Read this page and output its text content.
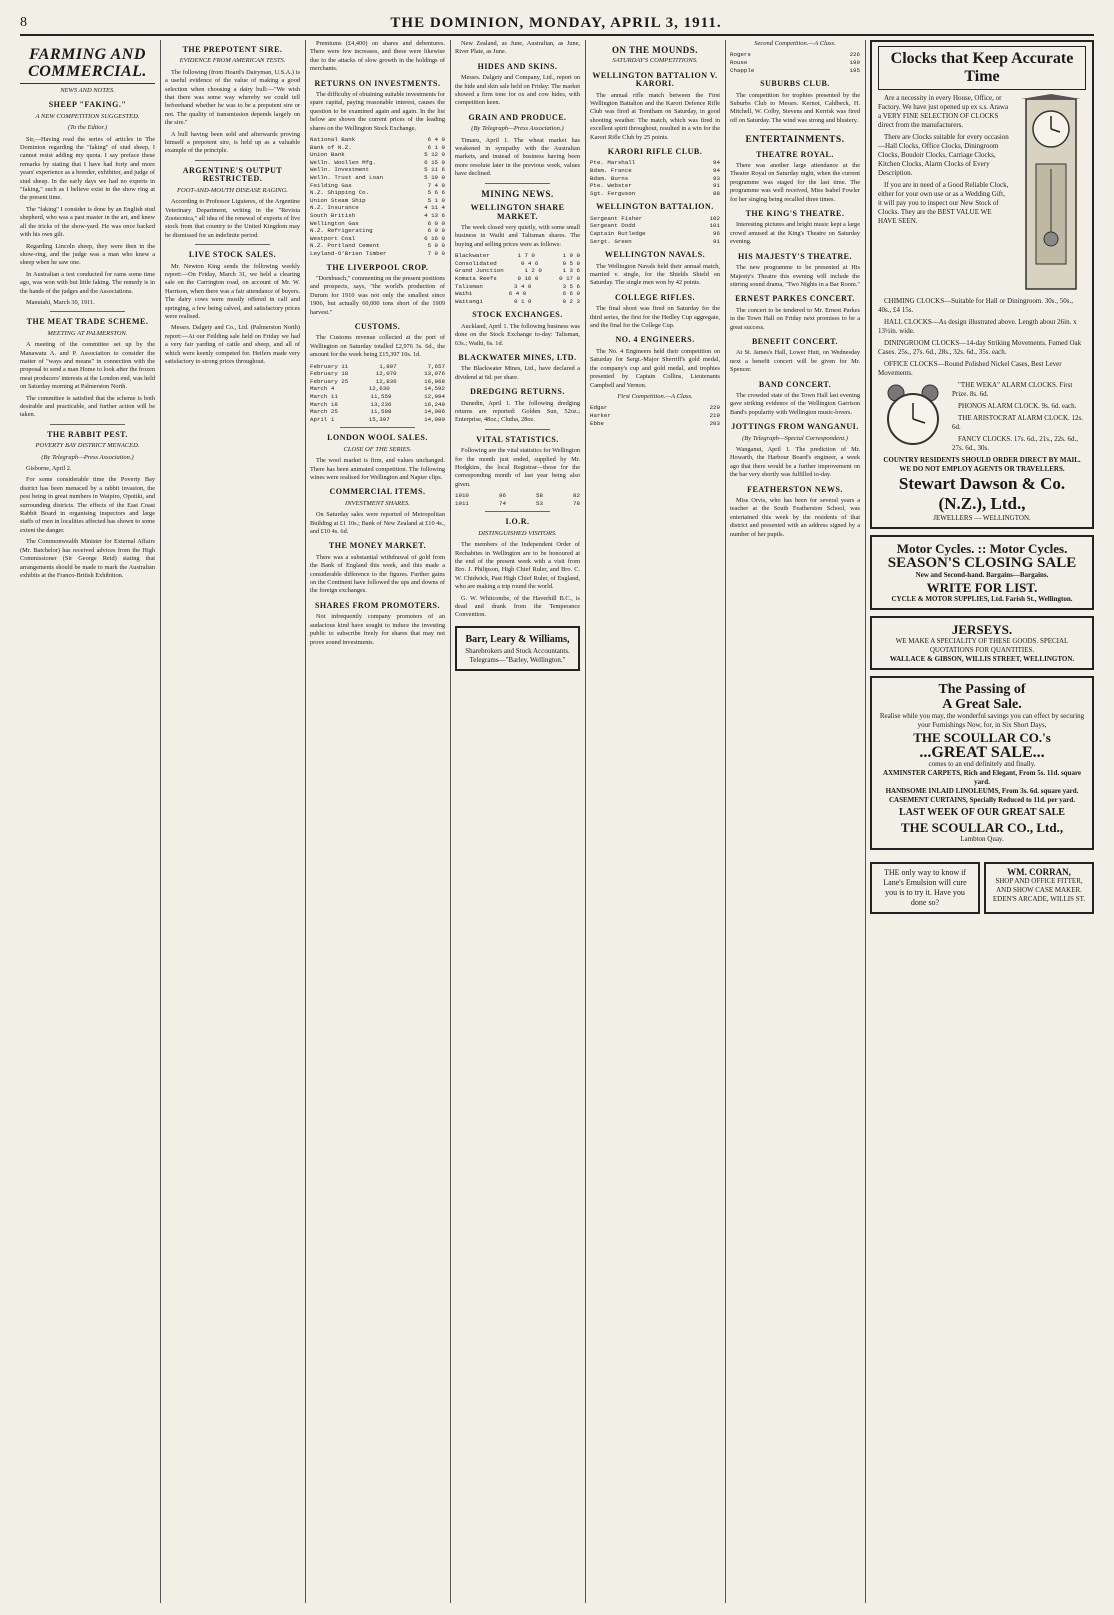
8	THE DOMINION, MONDAY, APRIL 3, 1911.
FARMING AND COMMERCIAL.
NEWS AND NOTES.
SHEEP "FAKING."
A NEW COMPETITION SUGGESTED.
(To the Editor.)

Sir,—Having read the series of articles in The Dominion regarding the "faking" of stud sheep, I cannot resist adding my quota. I say preface these remarks by stating that I have had forty and more years' experience as a breeder, exhibitor, and judge of stud sheep. In the early days we had no experts in "faking," such as I believe exist in the show ring at the present time.

The "faking" I consider is done by an English stud shepherd, who was a past master in the art, and knew all the tricks of the show-yard. He was once backed with his own gilt.

Regarding Lincoln sheep, they were then in the show-ring, and the judge was a man who knew a sheep when he saw one.

In Australian a test conducted for rams some time ago, was won with but little faking. The remedy is in the hands of the judges and the Associations.

Manutahi, March 30, 1911.

THE MEAT TRADE SCHEME.
MEETING AT PALMERSTON.

A meeting of the committee set up by the Manawatu A. and P. Association to consider the matter of "ways and means" in connection with the proposal to send a man Home to look after the frozen meat producers' interests at the London end, was held on Saturday morning at Palmerston North.

The committee is satisfied that the scheme is both desirable and practicable, and further action will be taken.

THE RABBIT PEST.
POVERTY BAY DISTRICT MENACED.
(By Telegraph—Press Association.)

Gisborne, April 2.

For some considerable time the Poverty Bay district has been menaced by a rabbit invasion, the pest being in great numbers in Waipiro, Opotiki, and surrounding districts. The effects of the East Coast Rabbit Board in organising inspectors and large staffs of men in localities affected has shown to some extent the danger.

The Commonwealth Minister for External Affairs (Mr. Batchelor) has received advices from the High Commissioner (Sir George Reid) stating that arrangements should be made to mark the Australian exhibits at the Franco-British Exhibition.

THE PREPOTENT SIRE.
EVIDENCE FROM AMERICAN TESTS.

The following (from Hoard's Dairyman, U.S.A.) is a useful evidence of the value of making a good selection when choosing a dairy bull:—"We wish that there was some way whereby we could tell beforehand whether he was to be a prepotent sire or not. The quality of transmission depends largely on the sire."

A bull having been sold and afterwards proving himself a prepotent sire, is held up as a valuable example of the principle.

ARGENTINE'S OUTPUT RESTRICTED.
FOOT-AND-MOUTH DISEASE RAGING.

According to Professor Liguieres, of the Argentine Veterinary Department, writing in the "Revista Zootecnica," all idea of the renewal of exports of live stock from that country to the United Kingdom may be dismissed for an indefinite period.

LIVE STOCK SALES.

Mr. Newton King sends the following weekly report:—On Friday, March 31, we held a clearing sale on the Carrington road, on account of Mr. W. Harrison, when there was a fair attendance of buyers. The dairy cows were mostly offered in calf and springing, a few being calved, and satisfactory prices were realised.

Messrs. Dalgety and Co., Ltd. (Palmerston North) report:—At our Feilding sale held on Friday we had a very fair yarding of cattle and sheep, and all of which were keenly competed for. Heifers made very satisfactory to strong prices throughout.

Premiums (£4,400) on shares and debentures. There were few increases, and these were likewise due to the attacks of slow growth in the holdings of merchants.

RETURNS ON INVESTMENTS.

The difficulty of obtaining suitable investments for spare capital, paying reasonable interest, causes the question to be examined again and again. In the list below are shown the current prices of the leading shares on the Wellington Stock Exchange.

National Bank	6 4 0
Bank of N.Z.	6 1 0
Union Bank	5 12 0
Welln. Woollen Mfg.	6 15 0
Welln. Investment	5 11 6
Welln. Trust and Loan	5 19 0
Feilding Gas	7 4 0
N.Z. Shipping Co.	5 6 6
Union Steam Ship	5 1 0
N.Z. Insurance	4 11 4
South British	4 13 6
Wellington Gas	6 0 0
N.Z. Refrigerating	6 0 0
Westport Coal	6 16 0
N.Z. Portland Cement	5 0 0
Leyland-O'Brien Timber	7 0 0
THE LIVERPOOL CROP.

"Dornbusch," commenting on the present positions and prospects, says, "the world's production of Durum for 1910 was not only the smallest since 1906, but actually 60,000 tons short of the 1909 harvest."

CUSTOMS.

The Customs revenue collected at the port of Wellington on Saturday totalled £2,976 3s. 6d., the amount for the week being £15,397 10s. 1d.

February 11	1,897	7,657
February 18	12,070	13,076
February 25	12,836	16,968
March 4	12,630	14,592
March 11	11,559	12,994
March 18	13,236	16,249
March 25	11,508	14,006
April 1	15,397	14,090
LONDON WOOL SALES.
CLOSE OF THE SERIES.

The wool market is firm, and values unchanged. There has been animated competition. The following wines were realised for Wellington and Napier clips.

COMMERCIAL ITEMS.
INVESTMENT SHARES.

On Saturday sales were reported of Metropolitan Building at £1 10s.; Bank of New Zealand at £10 4s., and £10 4s. 6d.

THE MONEY MARKET.

There was a substantial withdrawal of gold from the Bank of England this week, and this made a considerable difference to the figures. Further gains on the Continent have followed the ups and downs of the foreign exchanges.

SHARES FROM PROMOTERS.

Not infrequently company promoters of an audacious kind have sought to induce the investing public to subscribe freely for shares that may not prove sound investments.

New Zealand, as June, Australian, as June, River Plate, as June.

HIDES AND SKINS.

Messrs. Dalgety and Company, Ltd., report on the hide and skin sale held on Friday: The market showed a firm tone for ox and cow hides, with competition keen.

GRAIN AND PRODUCE.
(By Telegraph—Press Association.)

Timaru, April 1. The wheat market has weakened in sympathy with the Australian markets, and instead of business having been more resolute later in the previous week, values have declined.

MINING NEWS.
WELLINGTON SHARE MARKET.

The week closed very quietly, with some small business in Waihi and Talisman shares. The buying and selling prices were as follows:

Blackwater	1 7 0	1 9 0
Consolidated	0 4 6	0 5 0
Grand Junction	1 2 0	1 3 6
Komata Reefs	0 16 0	0 17 0
Talisman	3 4 0	3 5 6
Waihi	6 4 0	6 6 0
Waitangi	0 1 9	0 2 3
STOCK EXCHANGES.

Auckland, April 1. The following business was done on the Stock Exchange to-day: Talisman, 63s.; Waihi, 6s. 1d.

BLACKWATER MINES, LTD.

The Blackwater Mines, Ltd., have declared a dividend at 6d. per share.

DREDGING RETURNS.

Dunedin, April 1. The following dredging returns are reported: Golden Sun, 52oz.; Enterprise, 48oz.; Clutha, 28oz.

VITAL STATISTICS.

Following are the vital statistics for Wellington for the month just ended, supplied by Mr. Hodgkins, the local Registrar—those for the corresponding month of last year being also given.

1910	96	58	82
1911	74	53	78
I.O.R.
DISTINGUISHED VISITORS.

The members of the Independent Order of Rechabites in Wellington are to be honoured at the end of the present week with a visit from Bro. J. Philipson, High Chief Ruler, and Bro. C. W. Chidwick, Past High Chief Ruler, of England, who are making a trip round the world.

G. W. Whitcombe, of the Haverhill B.C., is dead and drank from the Temperance Convention.

Barr, Leary & Williams,
Sharebrokers and Stock Accountants.
Telegrams—"Barley, Wellington."
ON THE MOUNDS.
SATURDAY'S COMPETITIONS.
WELLINGTON BATTALION V. KARORI.

The annual rifle match between the First Wellington Battalion and the Karori Defence Rifle Club was fired at Trentham on Saturday, in good shooting weather. The match, which was fired in excellent spirit throughout, resulted in a win for the Karori Rifle Club by 25 points.

KARORI RIFLE CLUB.
Pte. Marshall	94
Bdsm. France	94
Bdsm. Burns	93
Pte. Webster	91
Sgt. Ferguson	88
WELLINGTON BATTALION.
Sergeant Fisher	102
Sergeant Dodd	101
Captain Rutledge	96
Sergt. Green	91
WELLINGTON NAVALS.

The Wellington Navals held their annual match, married v. single, for the Shields Shield on Saturday. The single men won by 42 points.

COLLEGE RIFLES.

The final shoot was fired on Saturday for the third series, the first for the Hedley Cup aggregate, and the final for the College Cup.

NO. 4 ENGINEERS.

The No. 4 Engineers held their competition on Saturday for Sergt.-Major Sherriff's gold medal, the company's cup and gold medal, and trophies presented by Captain Collins, Lieutenants Campbell and Vernon.

First Competition.—A Class.
Edgar	229
Harker	219
Ebbe	203
Second Competition.—A Class.
Rogers	226
Rouse	199
Chapple	195
SUBURBS CLUB.

The competition for trophies presented by the Suburbs Club to Messrs. Kernot, Caldbeck, H. Mitchell, W. Colby, Stevens and Kerrisk was fired off on Saturday. The wind was strong and blustery.

ENTERTAINMENTS.
THEATRE ROYAL.

There was another large attendance at the Theatre Royal on Saturday night, when the current programme was staged for the last time. The programme was well received, Miss Isabel Fowler for her singing being recalled three times.

THE KING'S THEATRE.

Interesting pictures and bright music kept a large crowd amused at the King's Theatre on Saturday evening.

HIS MAJESTY'S THEATRE.

The new programme to be presented at His Majesty's Theatre this evening will include the stirring sound drama, "Two Nights in a Bar Room."

ERNEST PARKES CONCERT.

The concert to be tendered to Mr. Ernest Parkes in the Town Hall on Friday next promises to be a great success.

BENEFIT CONCERT.

At St. James's Hall, Lower Hutt, on Wednesday next a benefit concert will be given for Mr. Spencer.

BAND CONCERT.

The crowded state of the Town Hall last evening gave striking evidence of the Wellington Garrison Band's popularity with Wellington music-lovers.

JOTTINGS FROM WANGANUI.
(By Telegraph—Special Correspondent.)

Wanganui, April 1. The prediction of Mr. Howarth, the Harbour Board's engineer, a week ago that there would be a further improvement on the bar very shortly was fulfilled to-day.

FEATHERSTON NEWS.

Miss Orvis, who has been for several years a teacher at the South Featherston School, was entertained this week by the residents of that district and presented with an address signed by a number of her pupils.

Clocks that Keep Accurate Time

Are a necessity in every House, Office, or Factory. We have just opened up ex s.s. Arawa a VERY FINE SELECTION OF CLOCKS direct from the manufacturers.

There are Clocks suitable for every occasion—Hall Clocks, Office Clocks, Diningroom Clocks, Boudoir Clocks, Carriage Clocks, Kitchen Clocks, Alarm Clocks of Every Description.

If you are in need of a Good Reliable Clock, either for your own use or as a Wedding Gift, it will pay you to inspect our New Stock of Clocks. They are the BEST VALUE WE HAVE SEEN.

CHIMING CLOCKS—Suitable for Hall or Diningroom. 30s., 50s., 40s., £4 15s.

HALL CLOCKS—As design illustrated above. Length about 26in. x 13½in. wide.

DININGROOM CLOCKS—14-day Striking Movements. Fumed Oak Cases. 25s., 27s. 6d., 28s., 32s. 6d., 35s. each.

OFFICE CLOCKS—Round Polished Nickel Cases, Best Lever Movements.

"THE WEKA" ALARM CLOCKS. First Prize. 8s. 6d.

PHONOS ALARM CLOCK. 9s. 6d. each.

THE ARISTOCRAT ALARM CLOCK. 12s. 6d.

FANCY CLOCKS. 17s. 6d., 21s., 22s. 6d., 27s. 6d., 30s.

COUNTRY RESIDENTS SHOULD ORDER DIRECT BY MAIL. WE DO NOT EMPLOY AGENTS OR TRAVELLERS.
Stewart Dawson & Co. (N.Z.), Ltd.,
JEWELLERS — WELLINGTON.
Motor Cycles. :: Motor Cycles.
SEASON'S CLOSING SALE
New and Second-hand. Bargains—Bargains.
WRITE FOR LIST.
CYCLE & MOTOR SUPPLIES, Ltd. Farish St., Wellington.
JERSEYS.
WE MAKE A SPECIALITY OF THESE GOODS. SPECIAL QUOTATIONS FOR QUANTITIES.
WALLACE & GIBSON, WILLIS STREET, WELLINGTON.
The Passing of
A Great Sale.
Realise while you may, the wonderful savings you can effect by securing your Furnishings Now, for, in Six Short Days,
THE SCOULLAR CO.'s
...GREAT SALE...
comes to an end definitely and finally.
AXMINSTER CARPETS, Rich and Elegant, From 5s. 11d. square yard.
HANDSOME INLAID LINOLEUMS, From 3s. 6d. square yard.
CASEMENT CURTAINS, Specially Reduced to 11d. per yard.
LAST WEEK OF OUR GREAT SALE
THE SCOULLAR CO., Ltd.,
Lambton Quay.
THE only way to know if Lane's Emulsion will cure you is to try it. Have you done so?
WM. CORRAN,
SHOP AND OFFICE FITTER, AND SHOW CASE MAKER. EDEN'S ARCADE, WILLIS ST.
